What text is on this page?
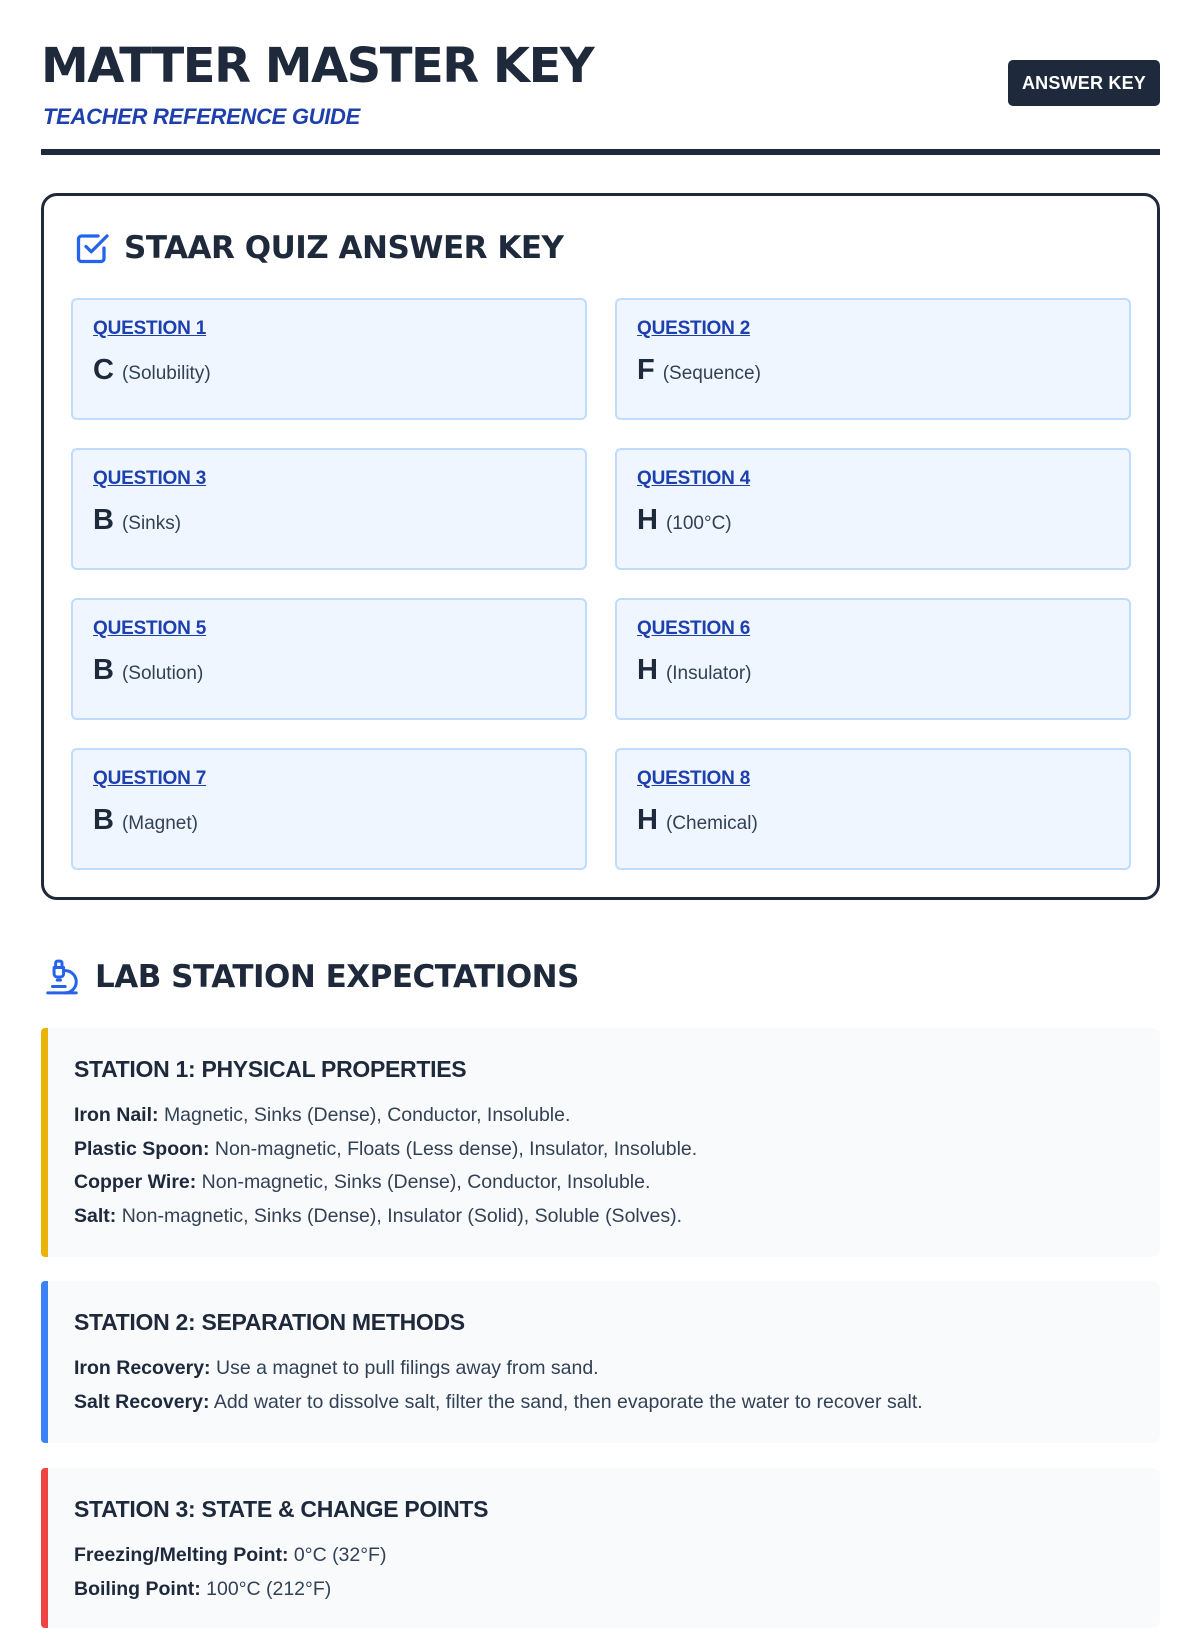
MATTER MASTER KEY
TEACHER REFERENCE GUIDE
ANSWER KEY
STAAR QUIZ ANSWER KEY
QUESTION 1
C (Solubility)
QUESTION 2
F (Sequence)
QUESTION 3
B (Sinks)
QUESTION 4
H (100°C)
QUESTION 5
B (Solution)
QUESTION 6
H (Insulator)
QUESTION 7
B (Magnet)
QUESTION 8
H (Chemical)
LAB STATION EXPECTATIONS
STATION 1: PHYSICAL PROPERTIES
Iron Nail: Magnetic, Sinks (Dense), Conductor, Insoluble.
Plastic Spoon: Non-magnetic, Floats (Less dense), Insulator, Insoluble.
Copper Wire: Non-magnetic, Sinks (Dense), Conductor, Insoluble.
Salt: Non-magnetic, Sinks (Dense), Insulator (Solid), Soluble (Solves).
STATION 2: SEPARATION METHODS
Iron Recovery: Use a magnet to pull filings away from sand.
Salt Recovery: Add water to dissolve salt, filter the sand, then evaporate the water to recover salt.
STATION 3: STATE & CHANGE POINTS
Freezing/Melting Point: 0°C (32°F)
Boiling Point: 100°C (212°F)
